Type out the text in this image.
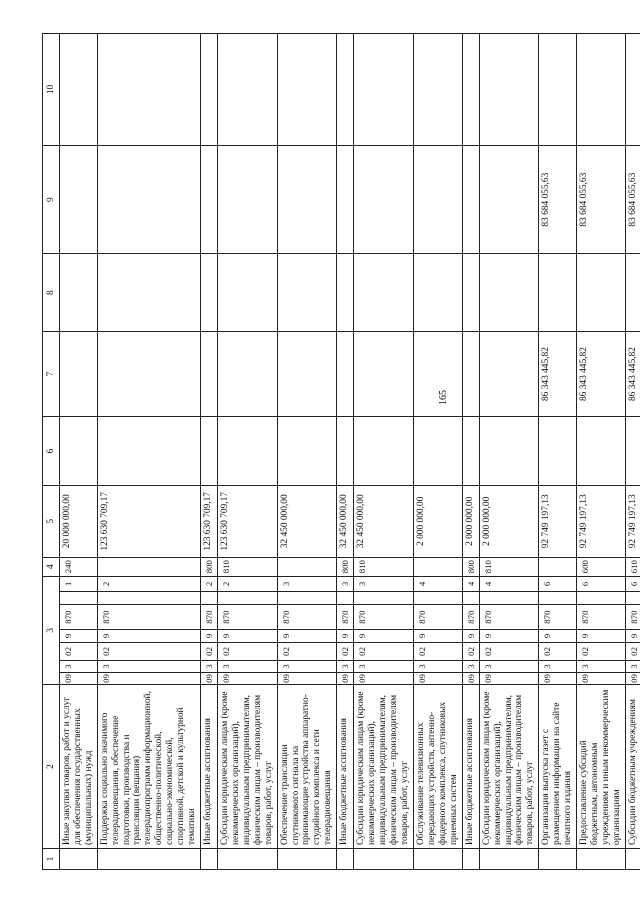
165
1	2	3							4	5	6	7	8	9	10
	Иные закупки товаров, работ и услуг для обеспечения государственных (муниципальных) нужд	09	3	02	9	870		1	240	20 000 000,00					
	Поддержка социально значимого телерадиовещания, обеспечение подготовки, производства и трансляции (вещания) телерадиопрограмм информационной, общественно-политической, социально-экономической, спортивной, детской и культурной тематики	09	3	02	9	870		2		123 630 709,17					
	Иные бюджетные ассигнования	09	3	02	9	870		2	800	123 630 709,17					
	Субсидии юридическим лицам (кроме некоммерческих организаций), индивидуальным предпринимателям, физическим лицам – производителям товаров, работ, услуг	09	3	02	9	870		2	810	123 630 709,17					
	Обеспечение трансляции спутникового сигнала на принимающие устройства аппаратно-студийного комплекса и сети телерадиовещания	09	3	02	9	870		3		32 450 000,00					
	Иные бюджетные ассигнования	09	3	02	9	870		3	800	32 450 000,00					
	Субсидии юридическим лицам (кроме некоммерческих организаций), индивидуальным предпринимателям, физическим лицам – производителям товаров, работ, услуг	09	3	02	9	870		3	810	32 450 000,00					
	Обслуживание телевизионных передающих устройств, антенно-фидерного комплекса, спутниковых приемных систем	09	3	02	9	870		4		2 000 000,00					
	Иные бюджетные ассигнования	09	3	02	9	870		4	800	2 000 000,00					
	Субсидии юридическим лицам (кроме некоммерческих организаций), индивидуальным предпринимателям, физическим лицам – производителям товаров, работ, услуг	09	3	02	9	870		4	810	2 000 000,00					
	Организация выпуска газет с размещением информации на сайте печатного издания	09	3	02	9	870		6		92 749 197,13		86 343 445,82		83 684 055,63	
	Предоставление субсидий бюджетным, автономным учреждениям и иным некоммерческим организациям	09	3	02	9	870		6	600	92 749 197,13		86 343 445,82		83 684 055,63	
	Субсидии бюджетным учреждениям	09	3	02	9	870		6	610	92 749 197,13		86 343 445,82		83 684 055,63	
